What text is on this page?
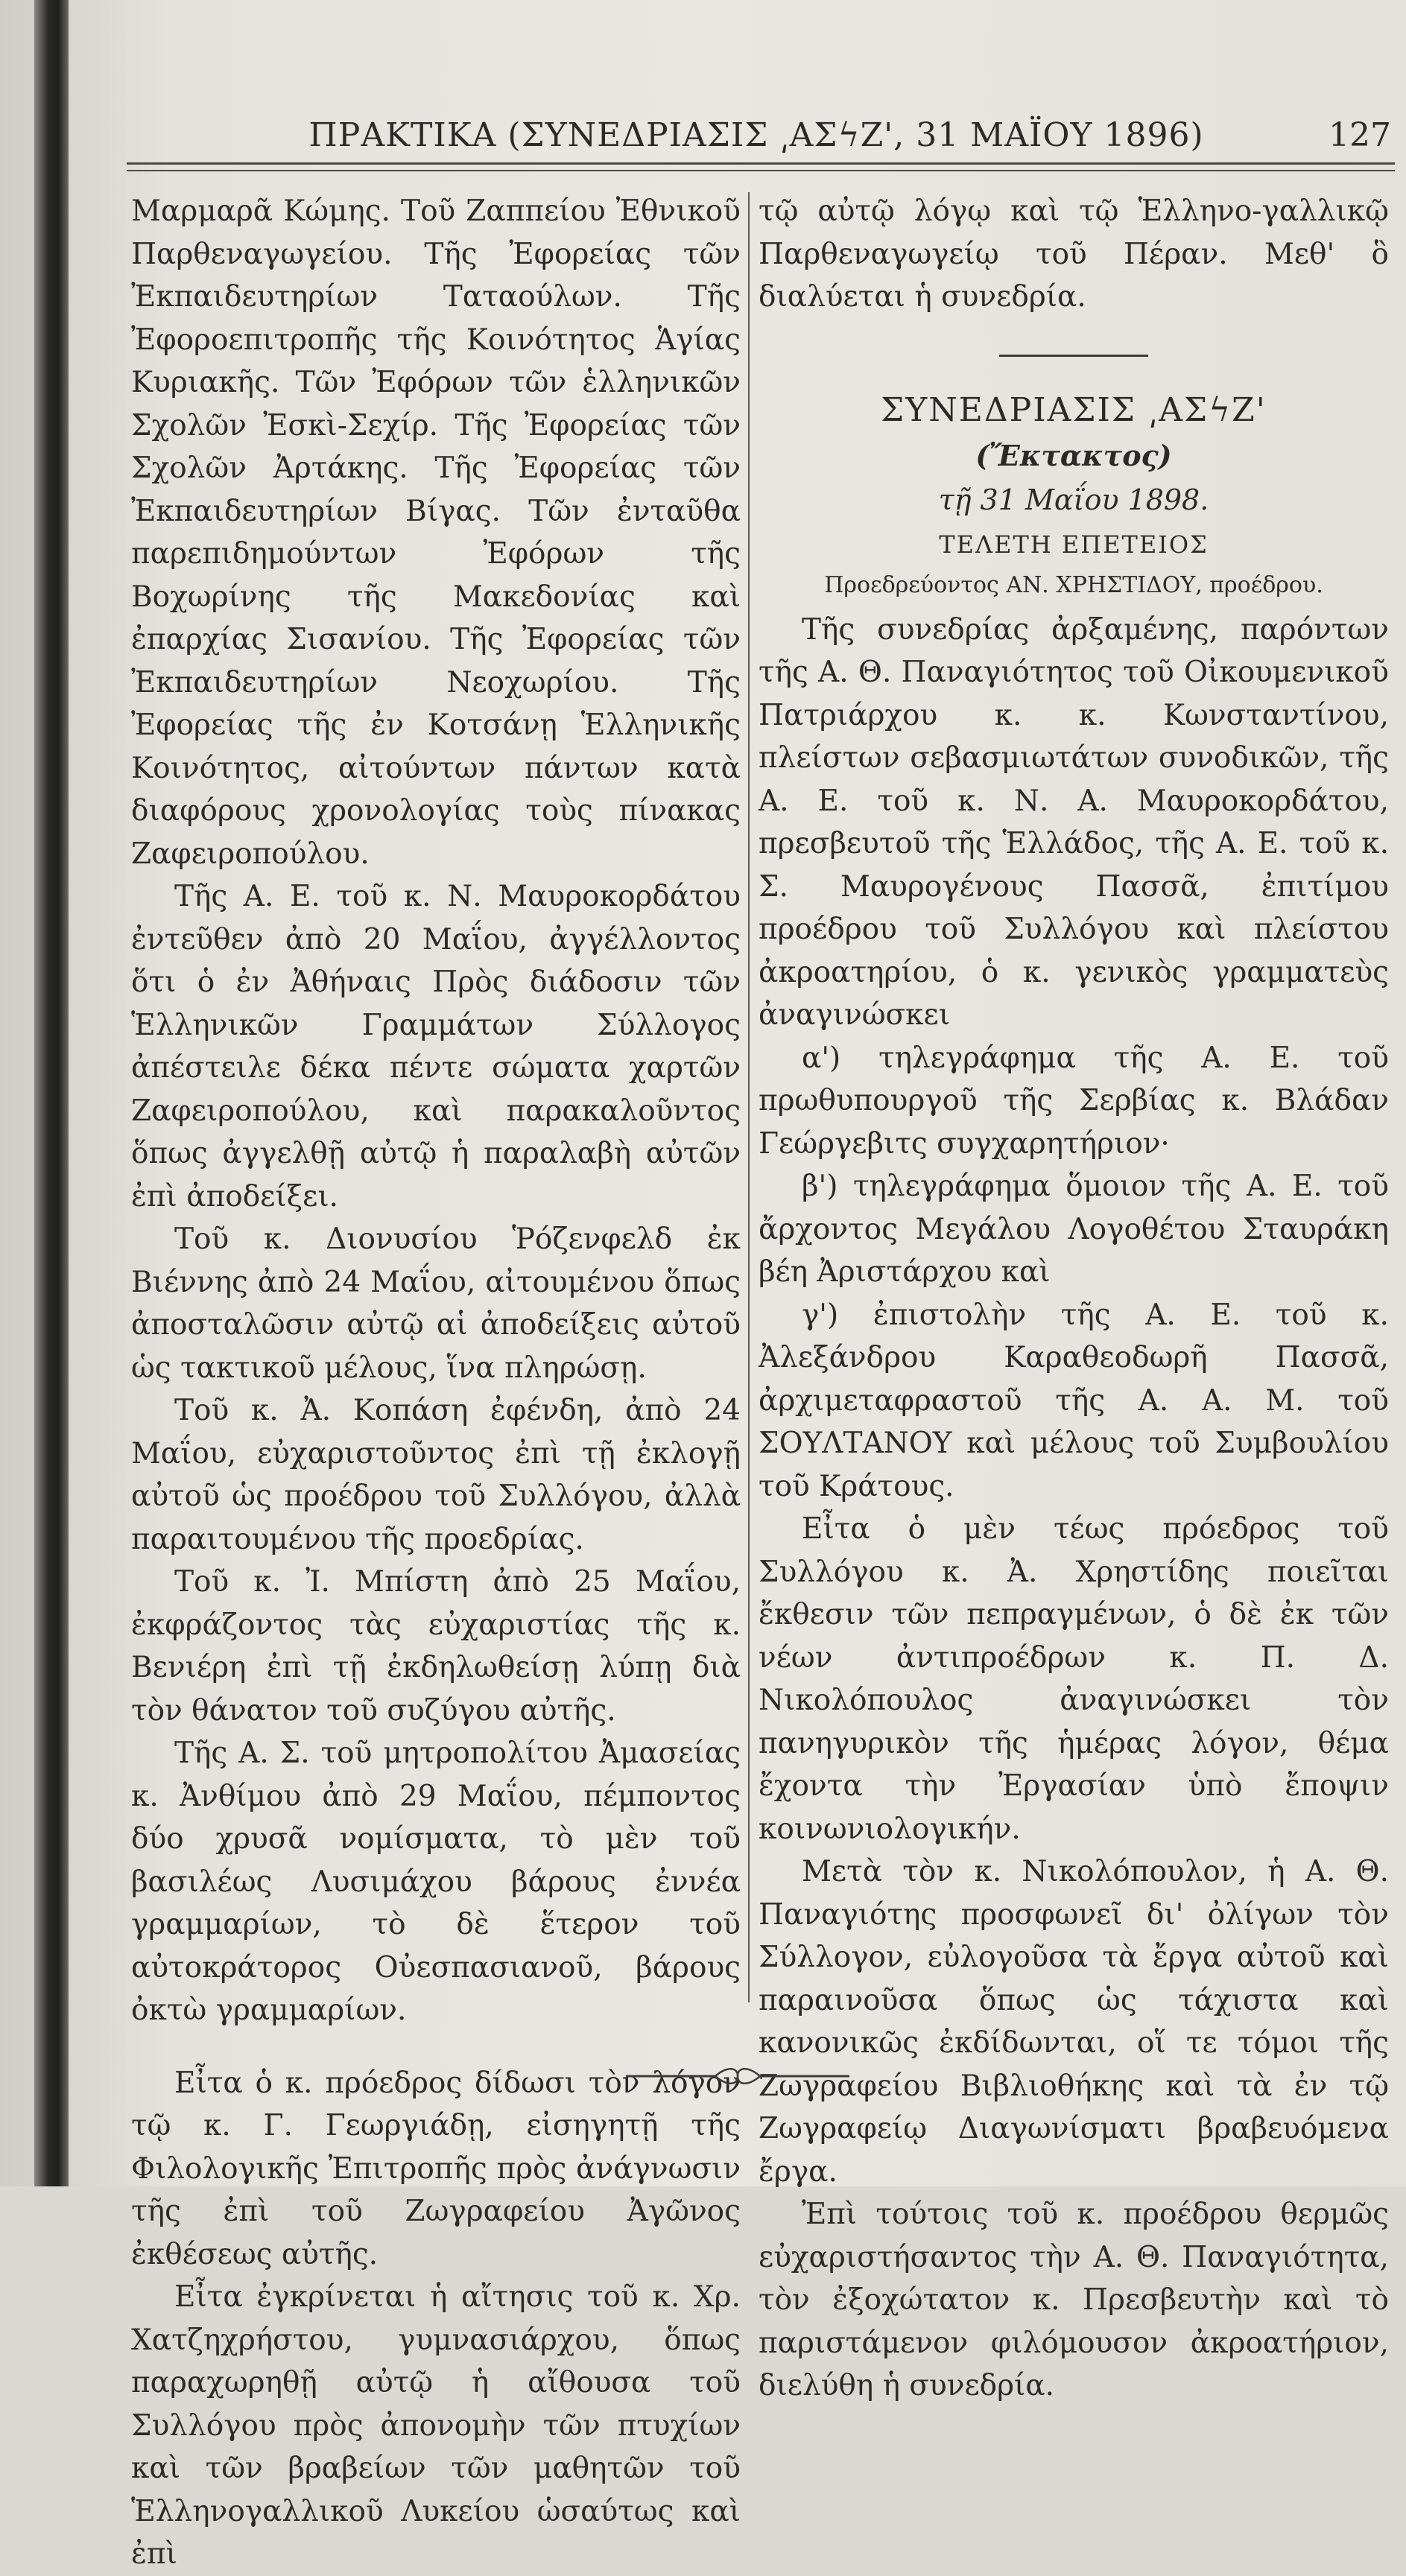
ΠΡΑΚΤΙΚΑ (ΣΥΝΕΔΡΙΑΣΙΣ ͵ΑΣϟΖ', 31 ΜΑΪΟΥ 1896)	127

Μαρμαρᾶ Κώμης. Τοῦ Ζαππείου Ἐθνικοῦ Παρθεναγωγείου. Τῆς Ἐφορείας τῶν Ἐκπαιδευτηρίων Ταταούλων. Τῆς Ἐφοροεπιτροπῆς τῆς Κοινότητος Ἁγίας Κυριακῆς. Τῶν Ἐφόρων τῶν ἑλληνικῶν Σχολῶν Ἐσκὶ-Σεχίρ. Τῆς Ἐφορείας τῶν Σχολῶν Ἀρτάκης. Τῆς Ἐφορείας τῶν Ἐκπαιδευτηρίων Βίγας. Τῶν ἐνταῦθα παρεπιδημούντων Ἐφόρων τῆς Βοχωρίνης τῆς Μακεδονίας καὶ ἐπαρχίας Σισανίου. Τῆς Ἐφορείας τῶν Ἐκπαιδευτηρίων Νεοχωρίου. Τῆς Ἐφορείας τῆς ἐν Κοτσάνῃ Ἑλληνικῆς Κοινότητος, αἰτούντων πάντων κατὰ διαφόρους χρονολογίας τοὺς πίνακας Ζαφειροπούλου.

Τῆς Α. Ε. τοῦ κ. Ν. Μαυροκορδάτου ἐντεῦθεν ἀπὸ 20 Μαΐου, ἀγγέλλοντος ὅτι ὁ ἐν Ἀθήναις Πρὸς διάδοσιν τῶν Ἑλληνικῶν Γραμμάτων Σύλλογος ἀπέστειλε δέκα πέντε σώματα χαρτῶν Ζαφειροπούλου, καὶ παρακαλοῦντος ὅπως ἀγγελθῇ αὐτῷ ἡ παραλαβὴ αὐτῶν ἐπὶ ἀποδείξει.

Τοῦ κ. Διονυσίου Ῥόζενφελδ ἐκ Βιέννης ἀπὸ 24 Μαΐου, αἰτουμένου ὅπως ἀποσταλῶσιν αὐτῷ αἱ ἀποδείξεις αὐτοῦ ὡς τακτικοῦ μέλους, ἵνα πληρώσῃ.

Τοῦ κ. Ἀ. Κοπάση ἐφένδη, ἀπὸ 24 Μαΐου, εὐχαριστοῦντος ἐπὶ τῇ ἐκλογῇ αὐτοῦ ὡς προέδρου τοῦ Συλλόγου, ἀλλὰ παραιτουμένου τῆς προεδρίας.

Τοῦ κ. Ἰ. Μπίστη ἀπὸ 25 Μαΐου, ἐκφράζοντος τὰς εὐχαριστίας τῆς κ. Βενιέρη ἐπὶ τῇ ἐκδηλωθείσῃ λύπῃ διὰ τὸν θάνατον τοῦ συζύγου αὐτῆς.

Τῆς Α. Σ. τοῦ μητροπολίτου Ἀμασείας κ. Ἀνθίμου ἀπὸ 29 Μαΐου, πέμποντος δύο χρυσᾶ νομίσματα, τὸ μὲν τοῦ βασιλέως Λυσιμάχου βάρους ἐννέα γραμμαρίων, τὸ δὲ ἕτερον τοῦ αὐτοκράτορος Οὐεσπασιανοῦ, βάρους ὀκτὼ γραμμαρίων.

Εἶτα ὁ κ. πρόεδρος δίδωσι τὸν λόγον τῷ κ. Γ. Γεωργιάδῃ, εἰσηγητῇ τῆς Φιλολογικῆς Ἐπιτροπῆς πρὸς ἀνάγνωσιν τῆς ἐπὶ τοῦ Ζωγραφείου Ἀγῶνος ἐκθέσεως αὐτῆς.

Εἶτα ἐγκρίνεται ἡ αἴτησις τοῦ κ. Χρ. Χατζηχρήστου, γυμνασιάρχου, ὅπως παραχωρηθῇ αὐτῷ ἡ αἴθουσα τοῦ Συλλόγου πρὸς ἀπονομὴν τῶν πτυχίων καὶ τῶν βραβείων τῶν μαθητῶν τοῦ Ἑλληνογαλλικοῦ Λυκείου ὡσαύτως καὶ ἐπὶ

τῷ αὐτῷ λόγῳ καὶ τῷ Ἑλληνο-γαλλικῷ Παρθεναγωγείῳ τοῦ Πέραν. Μεθ' ὃ διαλύεται ἡ συνεδρία.

ΣΥΝΕΔΡΙΑΣΙΣ ͵ΑΣϟΖ'

(Ἔκτακτος)
τῇ 31 Μαΐου 1898.
ΤΕΛΕΤΗ ΕΠΕΤΕΙΟΣ
Προεδρεύοντος ΑΝ. ΧΡΗΣΤΙΔΟΥ, προέδρου.

Τῆς συνεδρίας ἀρξαμένης, παρόντων τῆς Α. Θ. Παναγιότητος τοῦ Οἰκουμενικοῦ Πατριάρχου κ. κ. Κωνσταντίνου, πλείστων σεβασμιωτάτων συνοδικῶν, τῆς Α. Ε. τοῦ κ. Ν. Α. Μαυροκορδάτου, πρεσβευτοῦ τῆς Ἑλλάδος, τῆς Α. Ε. τοῦ κ. Σ. Μαυρογένους Πασσᾶ, ἐπιτίμου προέδρου τοῦ Συλλόγου καὶ πλείστου ἀκροατηρίου, ὁ κ. γενικὸς γραμματεὺς ἀναγινώσκει

α') τηλεγράφημα τῆς Α. Ε. τοῦ πρωθυπουργοῦ τῆς Σερβίας κ. Βλάδαν Γεώργεβιτς συγχαρητήριον·

β') τηλεγράφημα ὅμοιον τῆς Α. Ε. τοῦ ἄρχοντος Μεγάλου Λογοθέτου Σταυράκη βέη Ἀριστάρχου καὶ

γ') ἐπιστολὴν τῆς Α. Ε. τοῦ κ. Ἀλεξάνδρου Καραθεοδωρῆ Πασσᾶ, ἀρχιμεταφραστοῦ τῆς Α. Α. Μ. τοῦ ΣΟΥΛΤΑΝΟΥ καὶ μέλους τοῦ Συμβουλίου τοῦ Κράτους.

Εἶτα ὁ μὲν τέως πρόεδρος τοῦ Συλλόγου κ. Ἀ. Χρηστίδης ποιεῖται ἔκθεσιν τῶν πεπραγμένων, ὁ δὲ ἐκ τῶν νέων ἀντιπροέδρων κ. Π. Δ. Νικολόπουλος ἀναγινώσκει τὸν πανηγυρικὸν τῆς ἡμέρας λόγον, θέμα ἔχοντα τὴν Ἐργασίαν ὑπὸ ἔποψιν κοινωνιολογικήν.

Μετὰ τὸν κ. Νικολόπουλον, ἡ Α. Θ. Παναγιότης προσφωνεῖ δι' ὀλίγων τὸν Σύλλογον, εὐλογοῦσα τὰ ἔργα αὐτοῦ καὶ παραινοῦσα ὅπως ὡς τάχιστα καὶ κανονικῶς ἐκδίδωνται, οἵ τε τόμοι τῆς Ζωγραφείου Βιβλιοθήκης καὶ τὰ ἐν τῷ Ζωγραφείῳ Διαγωνίσματι βραβευόμενα ἔργα.

Ἐπὶ τούτοις τοῦ κ. προέδρου θερμῶς εὐχαριστήσαντος τὴν Α. Θ. Παναγιότητα, τὸν ἐξοχώτατον κ. Πρεσβευτὴν καὶ τὸ παριστάμενον φιλόμουσον ἀκροατήριον, διελύθη ἡ συνεδρία.
